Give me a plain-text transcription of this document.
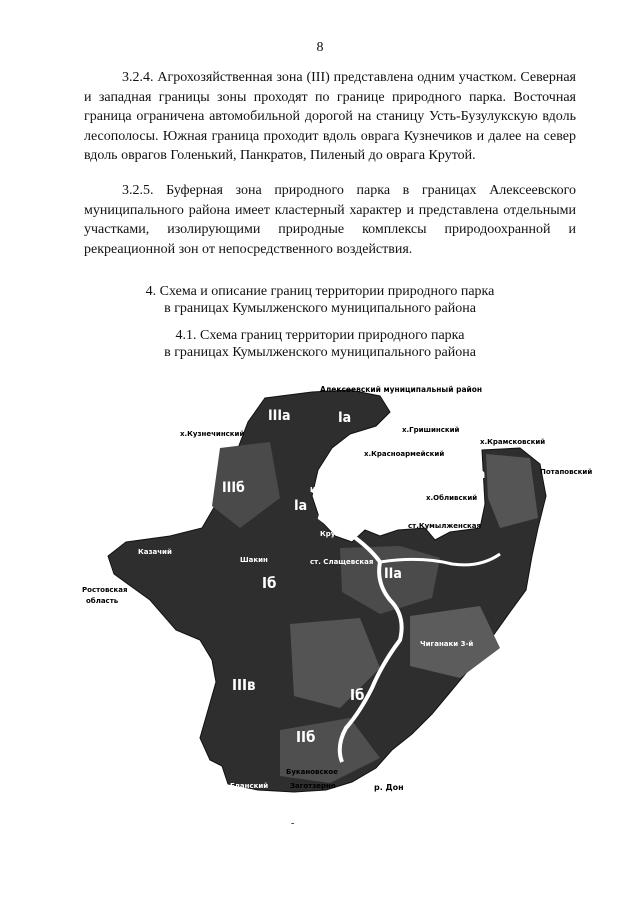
8

3.2.4. Агрохозяйственная зона (III) представлена одним участком. Северная и западная границы зоны проходят по границе природного парка. Восточная граница ограничена автомобильной дорогой на станицу Усть-Бузулукскую вдоль лесополосы. Южная граница проходит вдоль оврага Кузнечиков и далее на север вдоль оврагов Голенький, Панкратов, Пиленый до оврага Крутой.

3.2.5. Буферная зона природного парка в границах Алексеевского муниципального района имеет кластерный характер и представлена отдельными участками, изолирующими природные комплексы природоохранной и рекреационной зон от непосредственного воздействия.

4. Схема и описание границ территории природного парка
в границах Кумылженского муниципального района
4.1. Схема границ территории природного парка
в границах Кумылженского муниципального района
Алексеевский муниципальный район
х.Кузнечинский	х.Гришинский
х.Красноармейский
х.Крамсковский
Потаповский
х.Обливский
Широковский
Крутой
ст.Кумылженская
Казачий
Шакин	ст. Слащевская
Ростовская
область
Чиганаки 3-й
Букановское
Заготзерно	р. Дон
Еланский
IIIа	Iа
IIIб
Iа
IIа
Iб
IIIв
Iб
IIб
IIа
-
